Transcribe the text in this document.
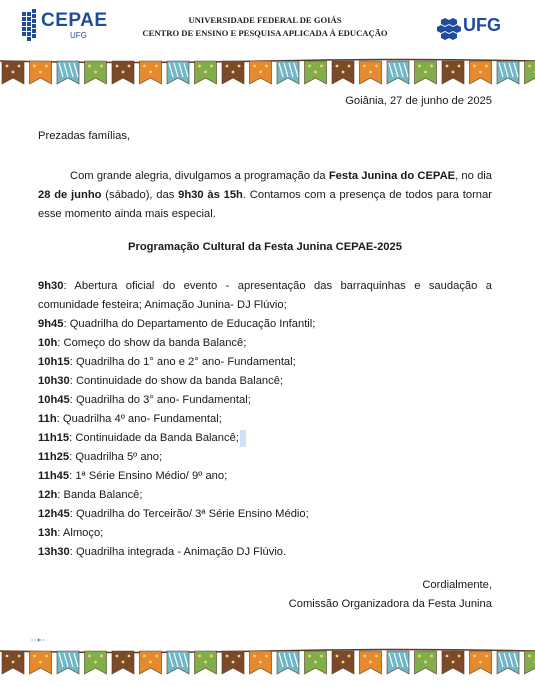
CEPAE
UFG
UNIVERSIDADE FEDERAL DE GOIÁS
CENTRO DE ENSINO E PESQUISA APLICADA À EDUCAÇÃO	UFG
Goiânia, 27 de junho de 2025
Prezadas famílias,
Com grande alegria, divulgamos a programação da Festa Junina do CEPAE, no dia 28 de junho (sábado), das 9h30 às 15h. Contamos com a presença de todos para tornar esse momento ainda mais especial.
Programação Cultural da Festa Junina CEPAE-2025
9h30: Abertura oficial do evento - apresentação das barraquinhas e saudação a comunidade festeira; Animação Junina- DJ Flúvio;
9h45: Quadrilha do Departamento de Educação Infantil;
10h: Começo do show da banda Balancê;
10h15: Quadrilha do 1° ano e 2° ano- Fundamental;
10h30: Continuidade do show da banda Balancê;
10h45: Quadrilha do 3° ano- Fundamental;
11h: Quadrilha 4º ano- Fundamental;
11h15: Continuidade da Banda Balancê;
11h25: Quadrilha 5º ano;
11h45: 1ª Série Ensino Médio/ 9º ano;
12h: Banda Balancê;
12h45: Quadrilha do Terceirão/ 3ª Série Ensino Médio;
13h: Almoço;
13h30: Quadrilha integrada - Animação DJ Flúvio.
Cordialmente,
Comissão Organizadora da Festa Junina
